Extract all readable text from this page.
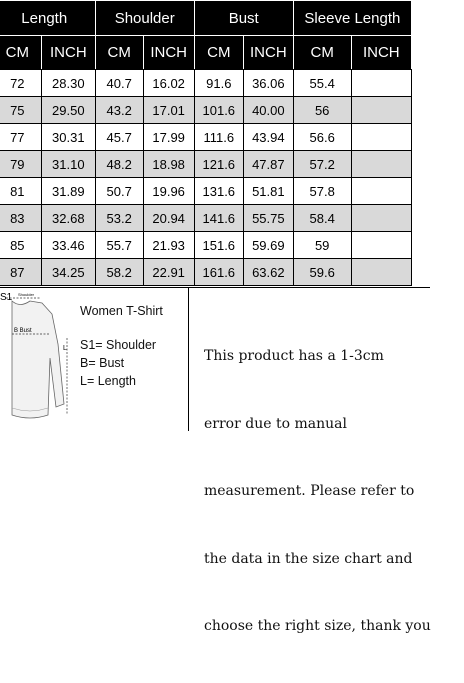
	Length		Shoulder		Bust		Sleeve Length	
	CM	INCH	CM	INCH	CM	INCH	CM	INCH
	72	28.30	40.7	16.02	91.6	36.06	55.4	
	75	29.50	43.2	17.01	101.6	40.00	56	
	77	30.31	45.7	17.99	111.6	43.94	56.6	
	79	31.10	48.2	18.98	121.6	47.87	57.2	
	81	31.89	50.7	19.96	131.6	51.81	57.8	
	83	32.68	53.2	20.94	141.6	55.75	58.4	
	85	33.46	55.7	21.93	151.6	59.69	59	
	87	34.25	58.2	22.91	161.6	63.62	59.6	
S1 Shoulder
B Bust
L
Women T-Shirt
S1= Shoulder
B= Bust
L= Length

This product has a 1-3cm

error due to manual

measurement. Please refer to

the data in the size chart and

choose the right size, thank you
